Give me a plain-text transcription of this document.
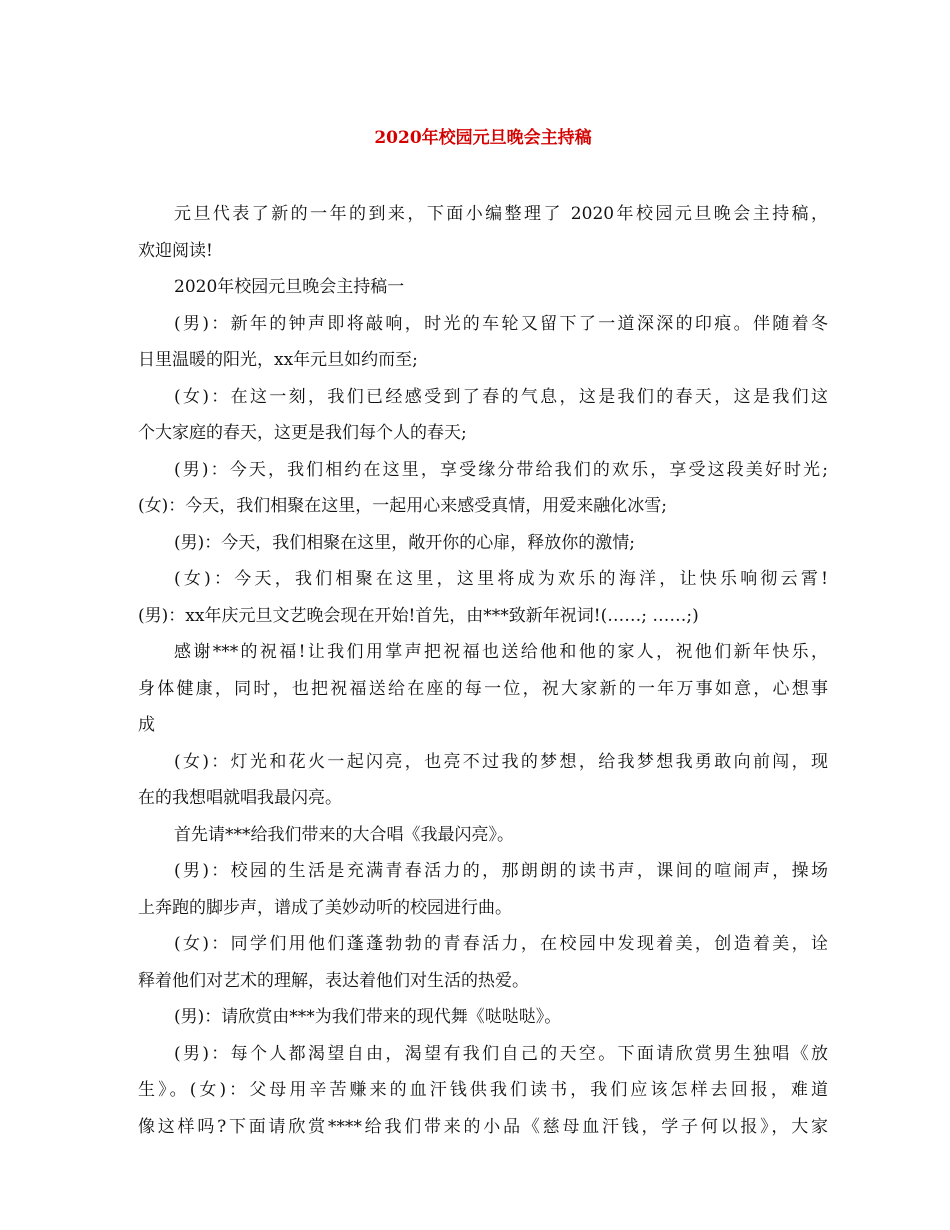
2020年校园元旦晚会主持稿
元旦代表了新的一年的到来，下面小编整理了 2020年校园元旦晚会主持稿，
欢迎阅读!
2020年校园元旦晚会主持稿一
(男)：新年的钟声即将敲响，时光的车轮又留下了一道深深的印痕。伴随着冬
日里温暖的阳光，xx年元旦如约而至;
(女)：在这一刻，我们已经感受到了春的气息，这是我们的春天，这是我们这
个大家庭的春天，这更是我们每个人的春天;
(男)：今天，我们相约在这里，享受缘分带给我们的欢乐，享受这段美好时光;
(女)：今天，我们相聚在这里，一起用心来感受真情，用爱来融化冰雪;
(男)：今天，我们相聚在这里，敞开你的心扉，释放你的激情;
(女)：今天，我们相聚在这里，这里将成为欢乐的海洋，让快乐响彻云霄!
(男)：xx年庆元旦文艺晚会现在开始!首先，由***致新年祝词!(……; ……;)
感谢***的祝福!让我们用掌声把祝福也送给他和他的家人，祝他们新年快乐，
身体健康，同时，也把祝福送给在座的每一位，祝大家新的一年万事如意，心想事
成
(女)：灯光和花火一起闪亮，也亮不过我的梦想，给我梦想我勇敢向前闯，现
在的我想唱就唱我最闪亮。
首先请***给我们带来的大合唱《我最闪亮》。
(男)：校园的生活是充满青春活力的，那朗朗的读书声，课间的喧闹声，操场
上奔跑的脚步声，谱成了美妙动听的校园进行曲。
(女)：同学们用他们蓬蓬勃勃的青春活力，在校园中发现着美，创造着美，诠
释着他们对艺术的理解，表达着他们对生活的热爱。
(男)：请欣赏由***为我们带来的现代舞《哒哒哒》。
(男)：每个人都渴望自由，渴望有我们自己的天空。下面请欣赏男生独唱《放
生》。(女)：父母用辛苦赚来的血汗钱供我们读书，我们应该怎样去回报，难道
像这样吗?下面请欣赏****给我们带来的小品《慈母血汗钱，学子何以报》，大家
